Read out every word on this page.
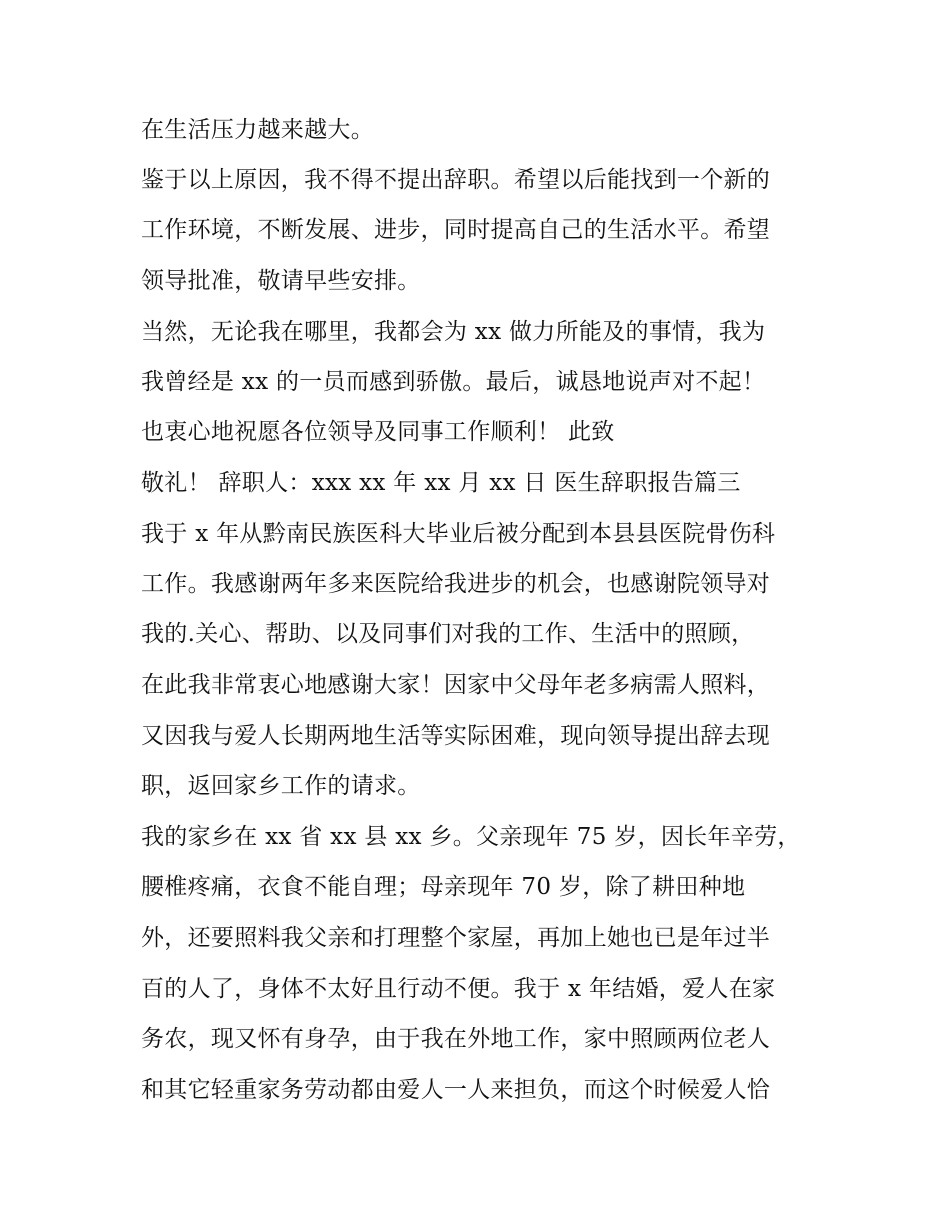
在生活压力越来越大。
鉴于以上原因，我不得不提出辞职。希望以后能找到一个新的
工作环境，不断发展、进步，同时提高自己的生活水平。希望
领导批准，敬请早些安排。
当然，无论我在哪里，我都会为 xx 做力所能及的事情，我为
我曾经是 xx 的一员而感到骄傲。最后，诚恳地说声对不起！
也衷心地祝愿各位领导及同事工作顺利！ 此致
敬礼！ 辞职人：xxx xx 年 xx 月 xx 日 医生辞职报告篇三
我于 x 年从黔南民族医科大毕业后被分配到本县县医院骨伤科
工作。我感谢两年多来医院给我进步的机会，也感谢院领导对
我的.关心、帮助、以及同事们对我的工作、生活中的照顾，
在此我非常衷心地感谢大家！因家中父母年老多病需人照料，
又因我与爱人长期两地生活等实际困难，现向领导提出辞去现
职，返回家乡工作的请求。
我的家乡在 xx 省 xx 县 xx 乡。父亲现年 75 岁，因长年辛劳，
腰椎疼痛，衣食不能自理；母亲现年 70 岁，除了耕田种地
外，还要照料我父亲和打理整个家屋，再加上她也已是年过半
百的人了，身体不太好且行动不便。我于 x 年结婚，爱人在家
务农，现又怀有身孕，由于我在外地工作，家中照顾两位老人
和其它轻重家务劳动都由爱人一人来担负，而这个时候爱人恰
